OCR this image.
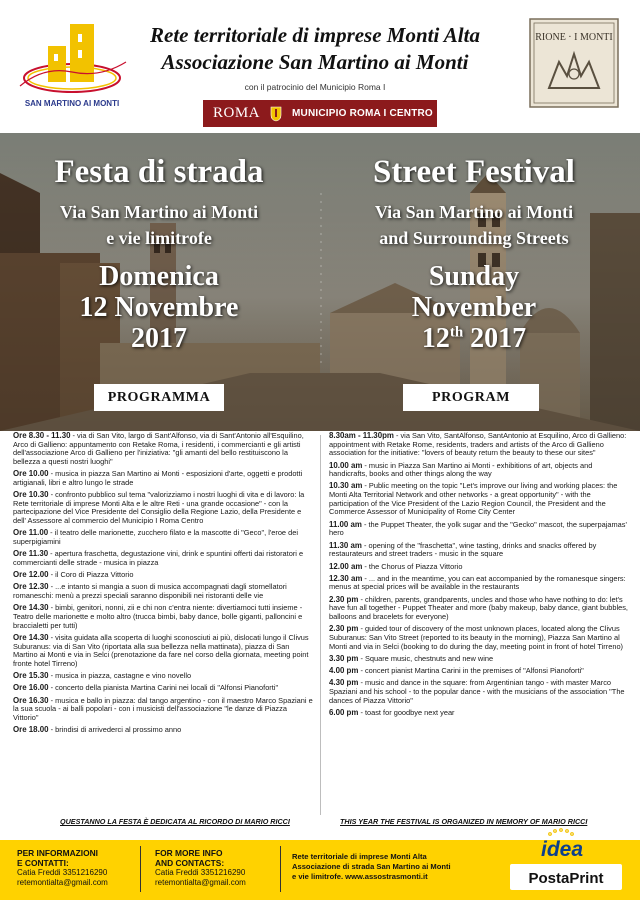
SAN MARTINO AI MONTI
Rete territoriale di imprese Monti Alta
Associazione San Martino ai Monti
con il patrocinio del Municipio Roma I
ROMA	MUNICIPIO ROMA I CENTRO
RIONE · I MONTI
Festa di strada
Via San Martino ai Monti
e vie limitrofe
Domenica
12 Novembre
2017
Street Festival
Via San Martino ai Monti
and Surrounding Streets
Sunday
November
12th 2017
PROGRAMMA	PROGRAM
Ore 8.30 - 11.30 - via di San Vito, largo di Sant'Alfonso, via di Sant'Antonio all'Esquilino, Arco di Gallieno: appuntamento con Retake Roma, i residenti, i commercianti e gli artisti dell'associazione Arco di Gallieno per l'iniziativa: "gli amanti del bello restituiscono la bellezza a questi nostri luoghi"
Ore 10.00 - musica in piazza San Martino ai Monti - esposizioni d'arte, oggetti e prodotti artigianali, libri e altro lungo le strade
Ore 10.30 - confronto pubblico sul tema "valorizziamo i nostri luoghi di vita e di lavoro: la Rete territoriale di imprese Monti Alta e le altre Reti - una grande occasione" - con la partecipazione del Vice Presidente del Consiglio della Regione Lazio, della Presidente e dell' Assessore al commercio del Municipio I Roma Centro
Ore 11.00 - il teatro delle marionette, zucchero filato e la mascotte di "Geco", l'eroe dei superpigiamini
Ore 11.30 - apertura fraschetta, degustazione vini, drink e spuntini offerti dai ristoratori e commercianti delle strade - musica in piazza
Ore 12.00 - il Coro di Piazza Vittorio
Ore 12.30 - ...e intanto si mangia a suon di musica accompagnati dagli stornellatori romaneschi: menù a prezzi speciali saranno disponibili nei ristoranti delle vie
Ore 14.30 - bimbi, genitori, nonni, zii e chi non c'entra niente: divertiamoci tutti insieme - Teatro delle marionette e molto altro (trucca bimbi, baby dance, bolle giganti, palloncini e braccialetti per tutti)
Ore 14.30 - visita guidata alla scoperta di luoghi sconosciuti ai più, dislocati lungo il Clivus Suburanus: via di San Vito (riportata alla sua bellezza nella mattinata), piazza di San Martino ai Monti e via in Selci (prenotazione da fare nel corso della giornata, meeting point fronte hotel Tirreno)
Ore 15.30 - musica in piazza, castagne e vino novello
Ore 16.00 - concerto della pianista Martina Carini nei locali di "Alfonsi Pianoforti"
Ore 16.30 - musica e ballo in piazza: dal tango argentino - con il maestro Marco Spaziani e la sua scuola - ai balli popolari - con i musicisti dell'associazione "le danze di Piazza Vittorio"
Ore 18.00 - brindisi di arrivederci al prossimo anno
8.30am - 11.30pm - via San Vito, SantAlfonso, SantAntonio at Esquilino, Arco di Gallieno: appointment with Retake Rome, residents, traders and artists of the Arco di Gallieno association for the initiative: "lovers of beauty return the beauty to these our sites"
10.00 am - music in Piazza San Martino ai Monti - exhibitions of art, objects and handicrafts, books and other things along the way
10.30 am - Public meeting on the topic "Let's improve our living and working places: the Monti Alta Territorial Network and other networks - a great opportunity" - with the participation of the Vice President of the Lazio Region Council, the President and the Commerce Assessor of Municipality of Rome City Center
11.00 am - the Puppet Theater, the yolk sugar and the "Gecko" mascot, the superpajamas' hero
11.30 am - opening of the "fraschetta", wine tasting, drinks and snacks offered by restaurateurs and street traders - music in the square
12.00 am - the Chorus of Piazza Vittorio
12.30 am - ... and in the meantime, you can eat accompanied by the romanesque singers: menus at special prices will be available in the restaurants
2.30 pm - children, parents, grandparents, uncles and those who have nothing to do: let's have fun all together - Puppet Theater and more (baby makeup, baby dance, giant bubbles, balloons and bracelets for everyone)
2.30 pm - guided tour of discovery of the most unknown places, located along the Clivus Suburanus: San Vito Street (reported to its beauty in the morning), Piazza San Martino al Monti and via in Selci (booking to do during the day, meeting point in front of hotel Tirreno)
3.30 pm - Square music, chestnuts and new wine
4.00 pm - concert pianist Martina Carini in the premises of "Alfonsi Pianoforti"
4.30 pm - music and dance in the square: from Argentinian tango - with master Marco Spaziani and his school - to the popular dance - with the musicians of the association "The dances of Piazza Vittorio"
6.00 pm - toast for goodbye next year
QUESTANNO LA FESTA È DEDICATA AL RICORDO DI MARIO RICCI	THIS YEAR THE FESTIVAL IS ORGANIZED IN MEMORY OF MARIO RICCI
PER INFORMAZIONI
E CONTATTI:
Catia Freddi 3351216290
retemontialta@gmail.com
FOR MORE INFO
AND CONTACTS:
Catia Freddi 3351216290
retemontialta@gmail.com
Rete territoriale di imprese Monti Alta
Associazione di strada San Martino ai Monti
e vie limitrofe. www.assostrasmonti.it
idea
PostaPrint
